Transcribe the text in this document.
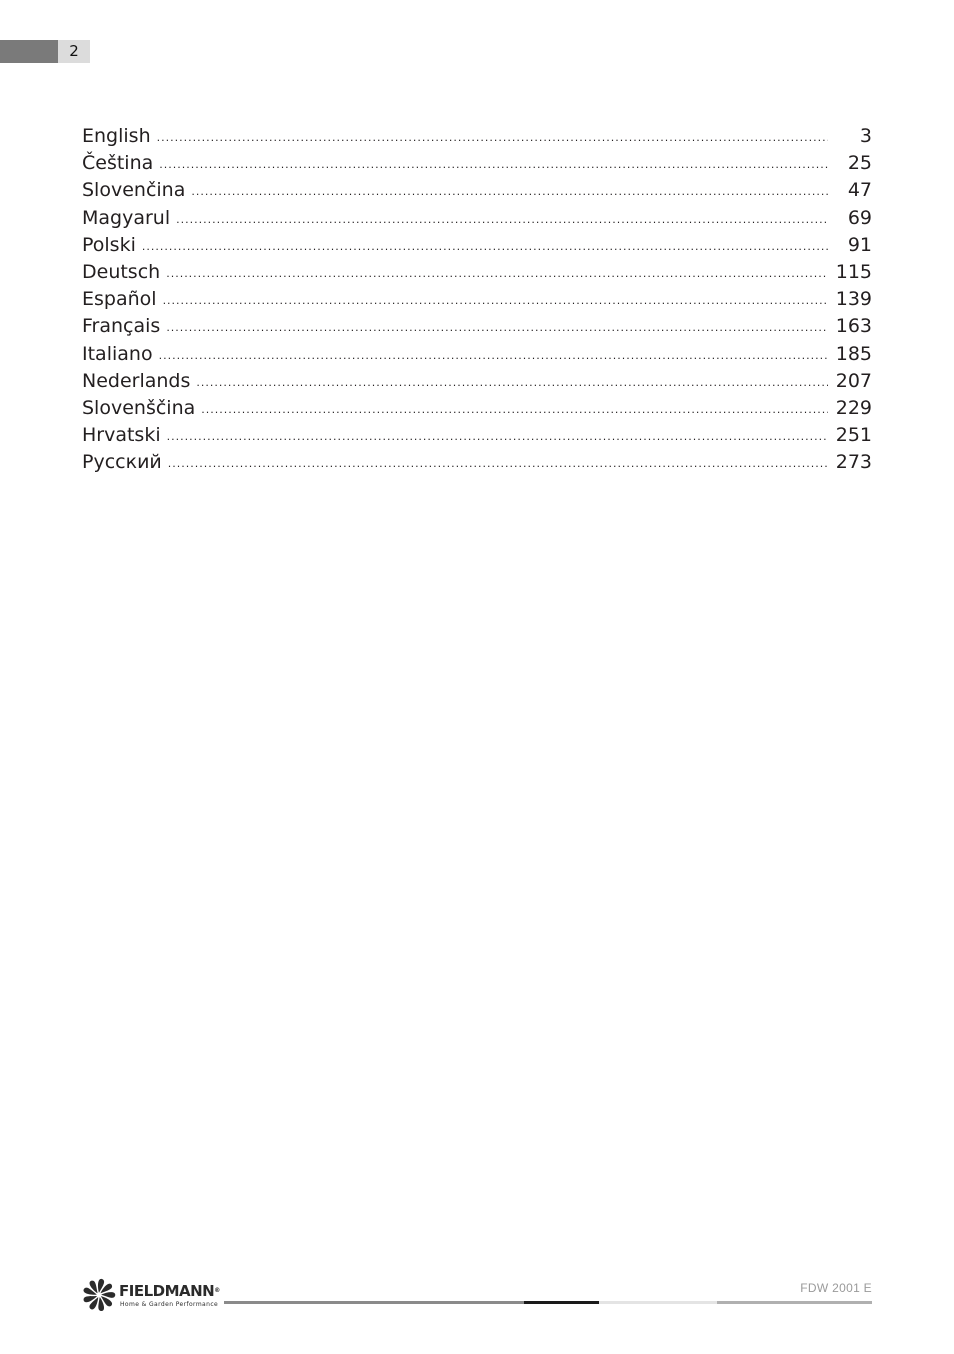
2
English .....	3
Čeština .....	25
Slovenčina .....	47
Magyarul .....	69
Polski .....	91
Deutsch .....	115
Español .....	139
Français .....	163
Italiano .....	185
Nederlands .....	207
Slovenščina .....	229
Hrvatski .....	251
Русский .....	273
FIELDMANN®
Home & Garden Performance
FDW 2001 E
